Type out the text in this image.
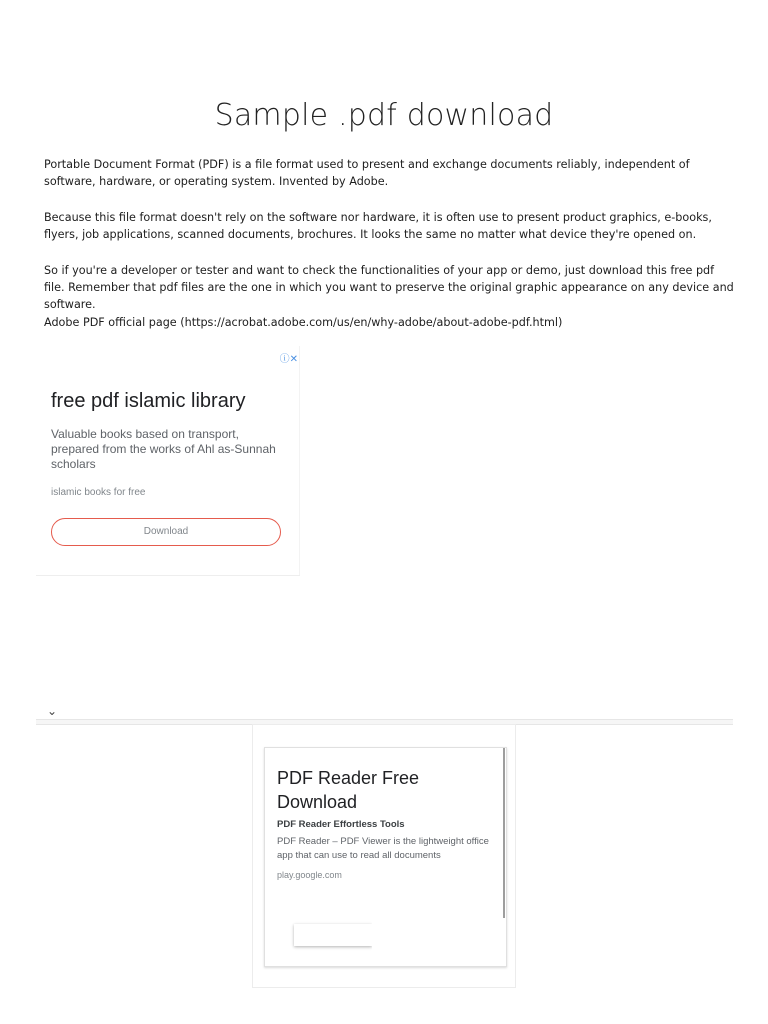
Sample .pdf download
Portable Document Format (PDF) is a file format used to present and exchange documents reliably, independent of software, hardware, or operating system. Invented by Adobe.
Because this file format doesn't rely on the software nor hardware, it is often use to present product graphics, e-books, flyers, job applications, scanned documents, brochures. It looks the same no matter what device they're opened on.
So if you're a developer or tester and want to check the functionalities of your app or demo, just download this free pdf file. Remember that pdf files are the one in which you want to preserve the original graphic appearance on any device and software.
Adobe PDF official page (https://acrobat.adobe.com/us/en/why-adobe/about-adobe-pdf.html)
ⓘ✕
free pdf islamic library
Valuable books based on transport, prepared from the works of Ahl as-Sunnah scholars
islamic books for free
Download
⌄
PDF Reader Free Download
PDF Reader Effortless Tools
PDF Reader – PDF Viewer is the lightweight office app that can use to read all documents
play.google.com
